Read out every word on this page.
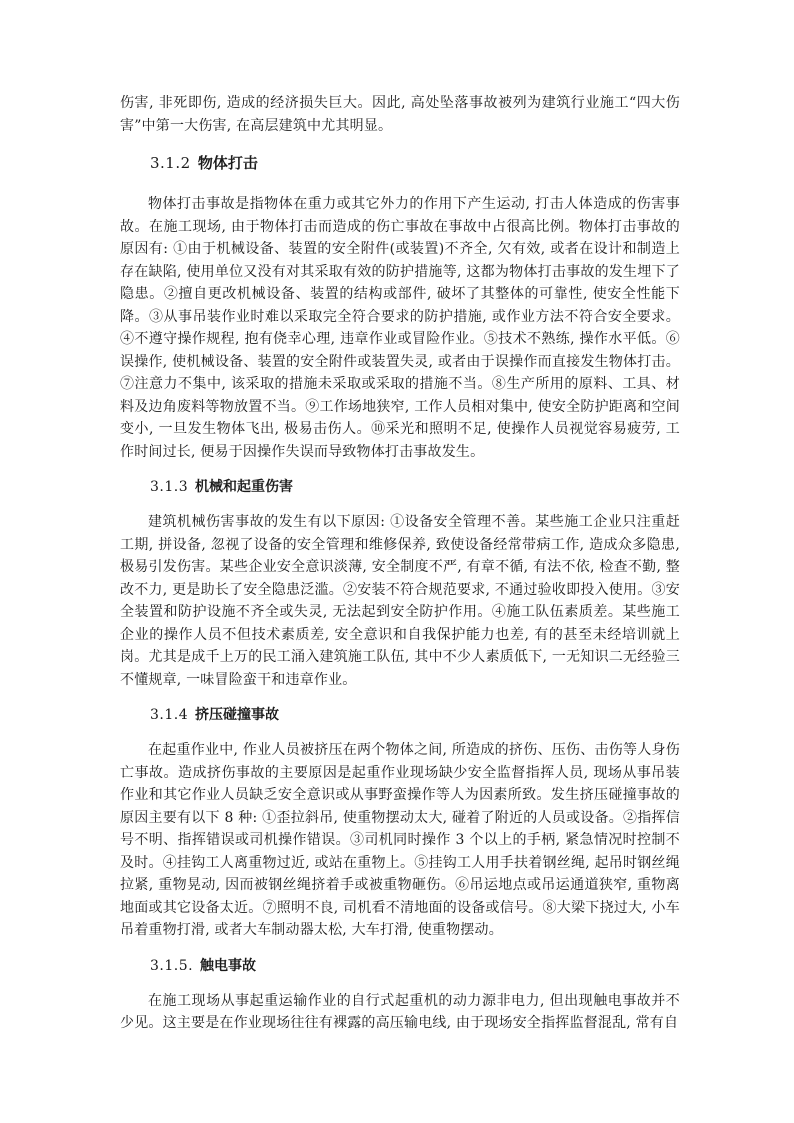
伤害, 非死即伤, 造成的经济损失巨大。因此, 高处坠落事故被列为建筑行业施工“四大伤害”中第一大伤害, 在高层建筑中尤其明显。

3.1.2 物体打击

物体打击事故是指物体在重力或其它外力的作用下产生运动, 打击人体造成的伤害事故。在施工现场, 由于物体打击而造成的伤亡事故在事故中占很高比例。物体打击事故的原因有: ①由于机械设备、装置的安全附件(或装置)不齐全, 欠有效, 或者在设计和制造上存在缺陷, 使用单位又没有对其采取有效的防护措施等, 这都为物体打击事故的发生埋下了隐患。②擅自更改机械设备、装置的结构或部件, 破坏了其整体的可靠性, 使安全性能下降。③从事吊装作业时难以采取完全符合要求的防护措施, 或作业方法不符合安全要求。④不遵守操作规程, 抱有侥幸心理, 违章作业或冒险作业。⑤技术不熟练, 操作水平低。⑥误操作, 使机械设备、装置的安全附件或装置失灵, 或者由于误操作而直接发生物体打击。⑦注意力不集中, 该采取的措施未采取或采取的措施不当。⑧生产所用的原料、工具、材料及边角废料等物放置不当。⑨工作场地狭窄, 工作人员相对集中, 使安全防护距离和空间变小, 一旦发生物体飞出, 极易击伤人。⑩采光和照明不足, 使操作人员视觉容易疲劳, 工作时间过长, 便易于因操作失误而导致物体打击事故发生。

3.1.3 机械和起重伤害

建筑机械伤害事故的发生有以下原因: ①设备安全管理不善。某些施工企业只注重赶工期, 拼设备, 忽视了设备的安全管理和维修保养, 致使设备经常带病工作, 造成众多隐患, 极易引发伤害。某些企业安全意识淡薄, 安全制度不严, 有章不循, 有法不依, 检查不勤, 整改不力, 更是助长了安全隐患泛滥。②安装不符合规范要求, 不通过验收即投入使用。③安全装置和防护设施不齐全或失灵, 无法起到安全防护作用。④施工队伍素质差。某些施工企业的操作人员不但技术素质差, 安全意识和自我保护能力也差, 有的甚至未经培训就上岗。尤其是成千上万的民工涌入建筑施工队伍, 其中不少人素质低下, 一无知识二无经验三不懂规章, 一味冒险蛮干和违章作业。

3.1.4 挤压碰撞事故

在起重作业中, 作业人员被挤压在两个物体之间, 所造成的挤伤、压伤、击伤等人身伤亡事故。造成挤伤事故的主要原因是起重作业现场缺少安全监督指挥人员, 现场从事吊装作业和其它作业人员缺乏安全意识或从事野蛮操作等人为因素所致。发生挤压碰撞事故的原因主要有以下 8 种: ①歪拉斜吊, 使重物摆动太大, 碰着了附近的人员或设备。②指挥信号不明、指挥错误或司机操作错误。③司机同时操作 3 个以上的手柄, 紧急情况时控制不及时。④挂钩工人离重物过近, 或站在重物上。⑤挂钩工人用手扶着钢丝绳, 起吊时钢丝绳拉紧, 重物晃动, 因而被钢丝绳挤着手或被重物砸伤。⑥吊运地点或吊运通道狭窄, 重物离地面或其它设备太近。⑦照明不良, 司机看不清地面的设备或信号。⑧大梁下挠过大, 小车吊着重物打滑, 或者大车制动器太松, 大车打滑, 使重物摆动。

3.1.5. 触电事故

在施工现场从事起重运输作业的自行式起重机的动力源非电力, 但出现触电事故并不少见。这主要是在作业现场往往有裸露的高压输电线, 由于现场安全指挥监督混乱, 常有自
